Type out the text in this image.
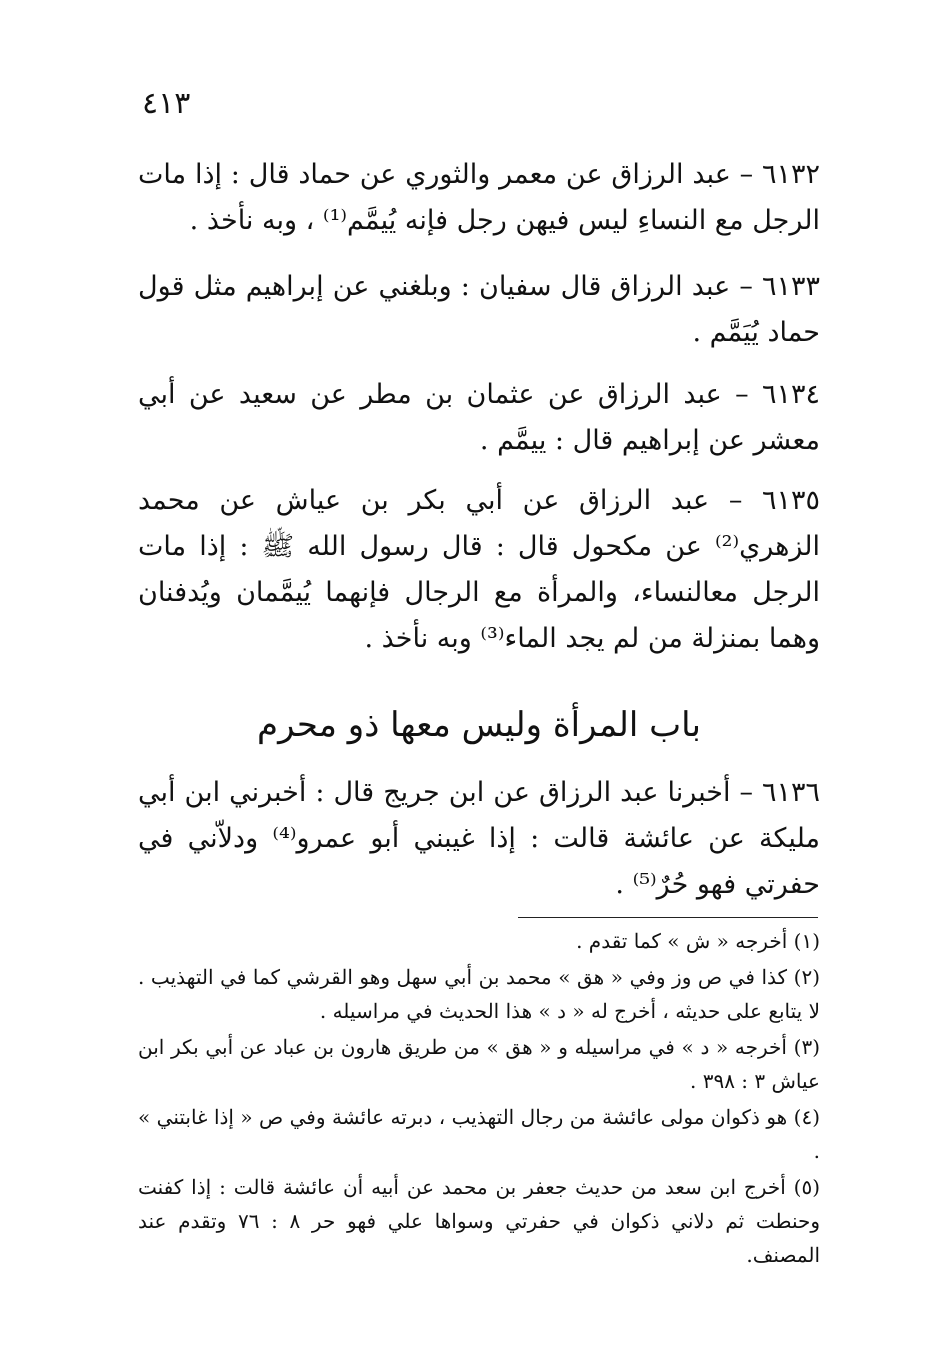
٤١٣

٦١٣٢ – عبد الرزاق عن معمر والثوري عن حماد قال : إذا مات الرجل مع النساءِ ليس فيهن رجل فإنه يُيمَّم⁽¹⁾ ، وبه نأخذ .

٦١٣٣ – عبد الرزاق قال سفيان : وبلغني عن إبراهيم مثل قول حماد يُيَمَّم .

٦١٣٤ – عبد الرزاق عن عثمان بن مطر عن سعيد عن أبي معشر عن إبراهيم قال : ييمَّم .

٦١٣٥ – عبد الرزاق عن أبي بكر بن عياش عن محمد الزهري⁽²⁾ عن مكحول قال : قال رسول الله ﷺ : إذا مات الرجل معالنساء، والمرأة مع الرجال فإنهما يُيمَّمان ويُدفنان وهما بمنزلة من لم يجد الماء⁽³⁾ وبه نأخذ .

باب المرأة وليس معها ذو محرم

٦١٣٦ – أخبرنا عبد الرزاق عن ابن جريج قال : أخبرني ابن أبي مليكة عن عائشة قالت : إذا غيبني أبو عمرو⁽⁴⁾ ودلاّني في حفرتي فهو حُرٌ⁽⁵⁾ .

(١) أخرجه « ش » كما تقدم .

(٢) كذا في ص وز وفي « هق » محمد بن أبي سهل وهو القرشي كما في التهذيب . لا يتابع على حديثه ، أخرج له « د » هذا الحديث في مراسيله .

(٣) أخرجه « د » في مراسيله و « هق » من طريق هارون بن عباد عن أبي بكر ابن عياش ٣ : ٣٩٨ .

(٤) هو ذكوان مولى عائشة من رجال التهذيب ، دبرته عائشة وفي ص « إذا غابتني » .

(٥) أخرج ابن سعد من حديث جعفر بن محمد عن أبيه أن عائشة قالت : إذا كفنت وحنطت ثم دلاني ذكوان في حفرتي وسواها علي فهو حر ٨ : ٧٦ وتقدم عند المصنف.
